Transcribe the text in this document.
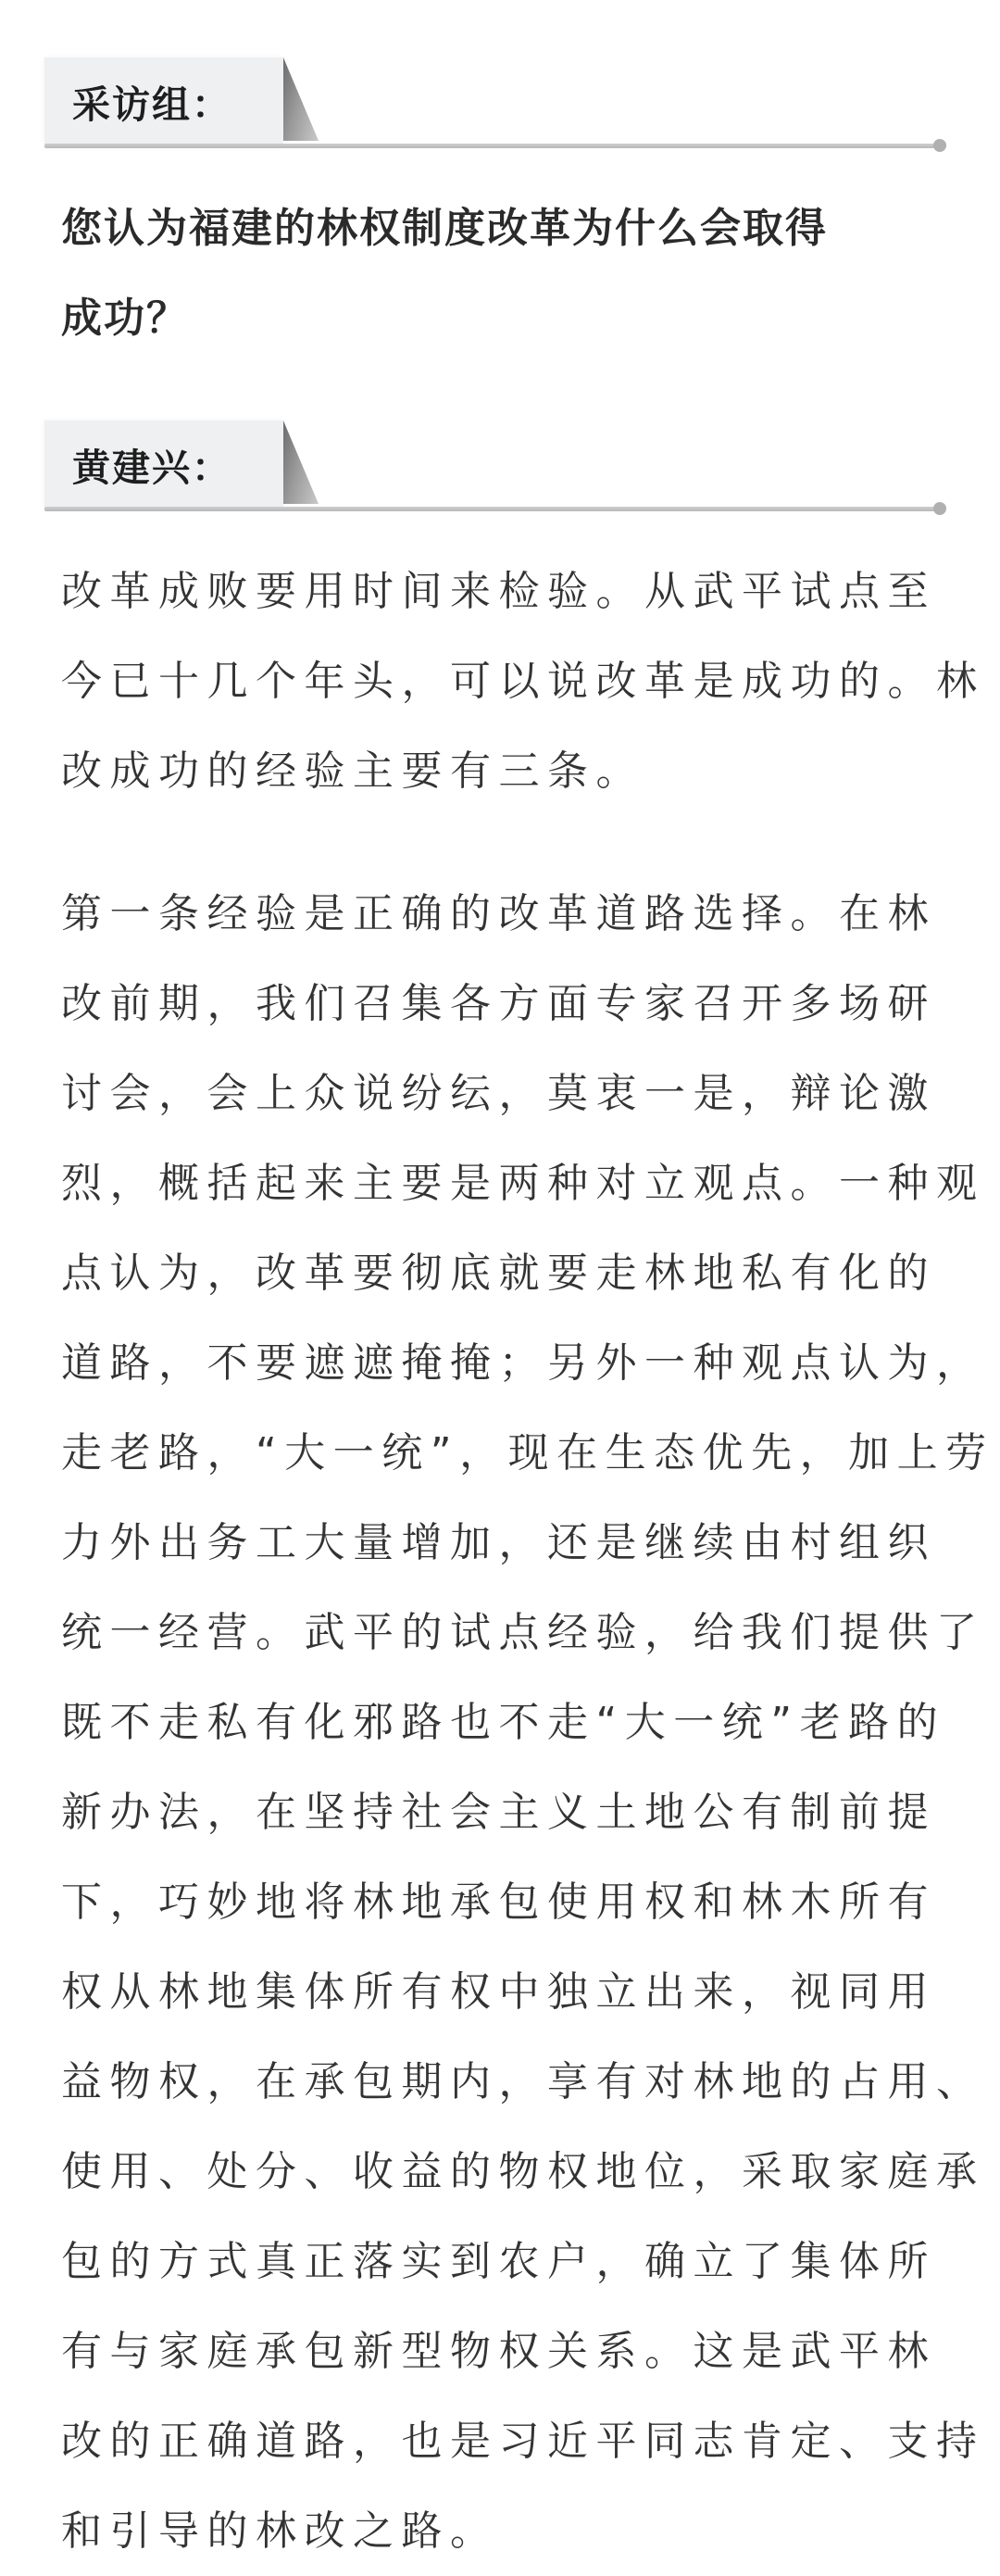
采访组：
您认为福建的林权制度改革为什么会取得
成功？
黄建兴：
改革成败要用时间来检验。从武平试点至
今已十几个年头，可以说改革是成功的。林
改成功的经验主要有三条。
第一条经验是正确的改革道路选择。在林
改前期，我们召集各方面专家召开多场研
讨会，会上众说纷纭，莫衷一是，辩论激
烈，概括起来主要是两种对立观点。一种观
点认为，改革要彻底就要走林地私有化的
道路，不要遮遮掩掩；另外一种观点认为，
走老路，“大一统”，现在生态优先，加上劳
力外出务工大量增加，还是继续由村组织
统一经营。武平的试点经验，给我们提供了
既不走私有化邪路也不走“大一统”老路的
新办法，在坚持社会主义土地公有制前提
下，巧妙地将林地承包使用权和林木所有
权从林地集体所有权中独立出来，视同用
益物权，在承包期内，享有对林地的占用、
使用、处分、收益的物权地位，采取家庭承
包的方式真正落实到农户，确立了集体所
有与家庭承包新型物权关系。这是武平林
改的正确道路，也是习近平同志肯定、支持
和引导的林改之路。
